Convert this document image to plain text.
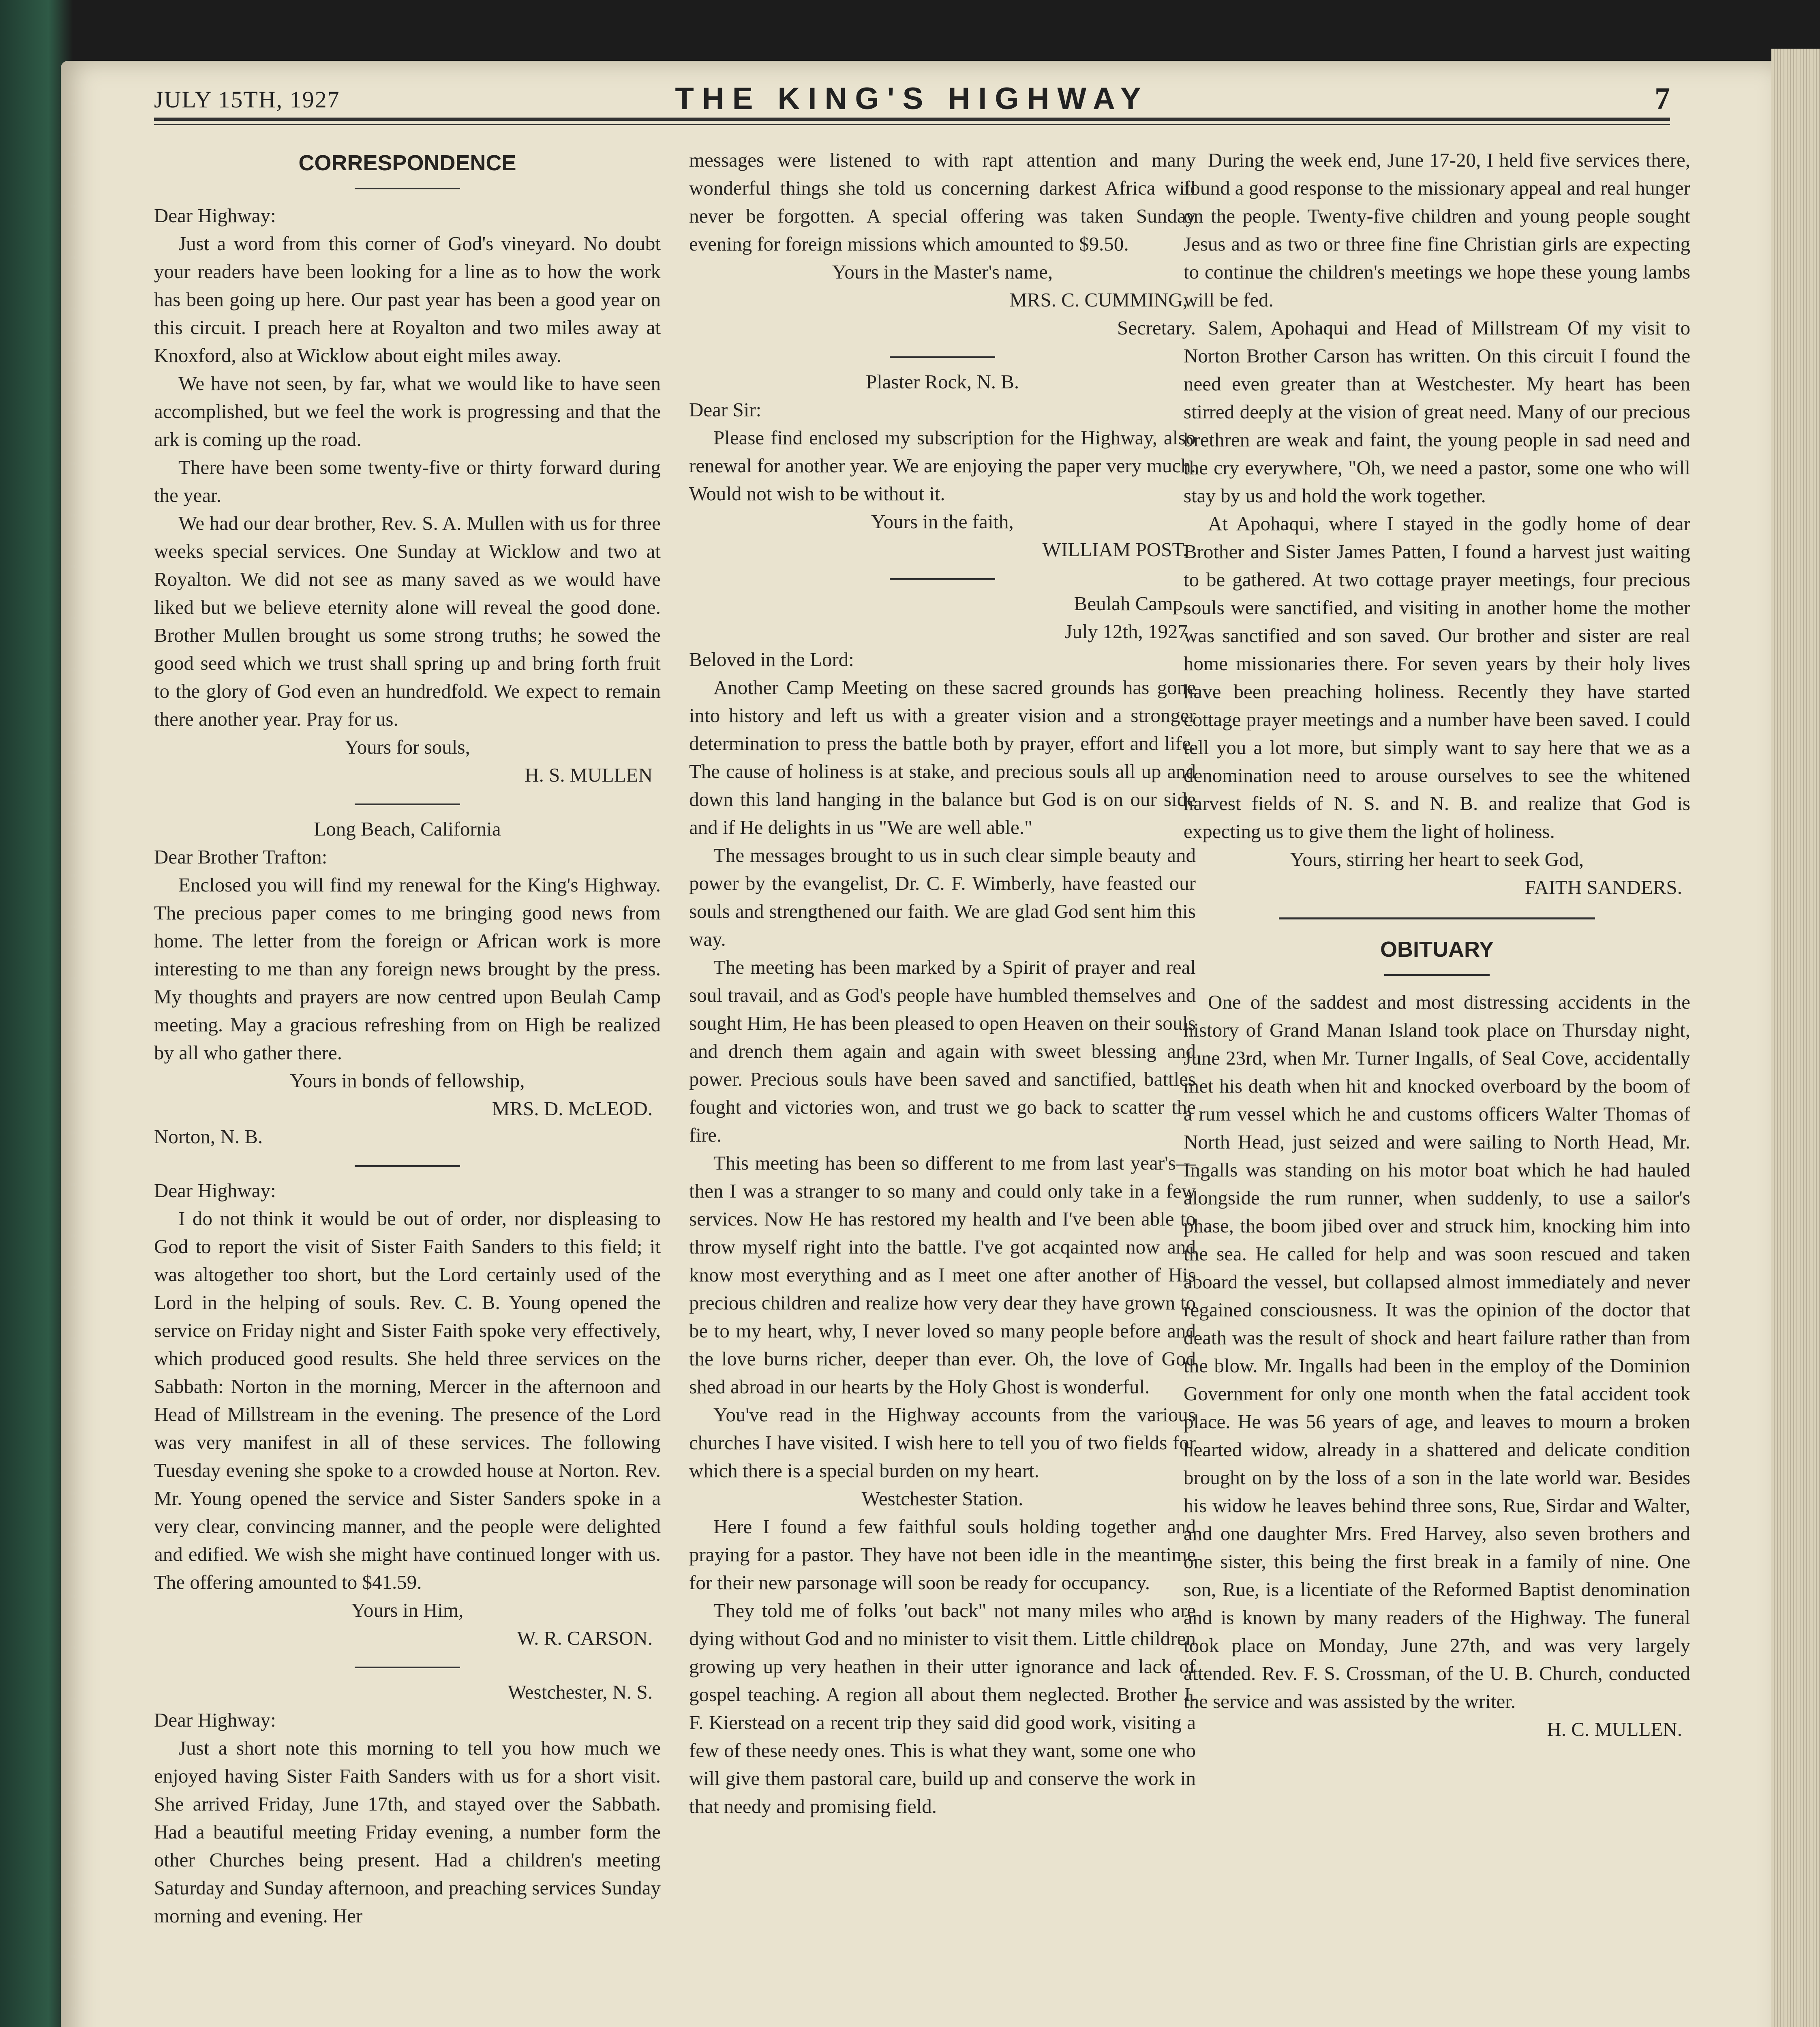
JULY 15TH, 1927	THE KING'S HIGHWAY	7
CORRESPONDENCE

Dear Highway:

Just a word from this corner of God's vineyard. No doubt your readers have been looking for a line as to how the work has been going up here. Our past year has been a good year on this circuit. I preach here at Royalton and two miles away at Knoxford, also at Wicklow about eight miles away.

We have not seen, by far, what we would like to have seen accomplished, but we feel the work is progressing and that the ark is coming up the road.

There have been some twenty-five or thirty forward during the year.

We had our dear brother, Rev. S. A. Mullen with us for three weeks special services. One Sunday at Wicklow and two at Royalton. We did not see as many saved as we would have liked but we believe eternity alone will reveal the good done. Brother Mullen brought us some strong truths; he sowed the good seed which we trust shall spring up and bring forth fruit to the glory of God even an hundredfold. We expect to remain there another year. Pray for us.

Yours for souls,

H. S. MULLEN

Long Beach, California

Dear Brother Trafton:

Enclosed you will find my renewal for the King's Highway. The precious paper comes to me bringing good news from home. The letter from the foreign or African work is more interesting to me than any foreign news brought by the press. My thoughts and prayers are now centred upon Beulah Camp meeting. May a gracious refreshing from on High be realized by all who gather there.

Yours in bonds of fellowship,

MRS. D. McLEOD.

Norton, N. B.

Dear Highway:

I do not think it would be out of order, nor displeasing to God to report the visit of Sister Faith Sanders to this field; it was altogether too short, but the Lord certainly used of the Lord in the helping of souls. Rev. C. B. Young opened the service on Friday night and Sister Faith spoke very effectively, which produced good results. She held three services on the Sabbath: Norton in the morning, Mercer in the afternoon and Head of Millstream in the evening. The presence of the Lord was very manifest in all of these services. The following Tuesday evening she spoke to a crowded house at Norton. Rev. Mr. Young opened the service and Sister Sanders spoke in a very clear, convincing manner, and the people were delighted and edified. We wish she might have continued longer with us. The offering amounted to $41.59.

Yours in Him,

W. R. CARSON.

Westchester, N. S.

Dear Highway:

Just a short note this morning to tell you how much we enjoyed having Sister Faith Sanders with us for a short visit. She arrived Friday, June 17th, and stayed over the Sabbath. Had a beautiful meeting Friday evening, a number form the other Churches being present. Had a children's meeting Saturday and Sunday afternoon, and preaching services Sunday morning and evening. Her

messages were listened to with rapt attention and many wonderful things she told us concerning darkest Africa will never be forgotten. A special offering was taken Sunday evening for foreign missions which amounted to $9.50.

Yours in the Master's name,

MRS. C. CUMMING,

Secretary.

Plaster Rock, N. B.

Dear Sir:

Please find enclosed my subscription for the Highway, also renewal for another year. We are enjoying the paper very much. Would not wish to be without it.

Yours in the faith,

WILLIAM POST.

Beulah Camp,

July 12th, 1927

Beloved in the Lord:

Another Camp Meeting on these sacred grounds has gone into history and left us with a greater vision and a stronger determination to press the battle both by prayer, effort and life. The cause of holiness is at stake, and precious souls all up and down this land hanging in the balance but God is on our side and if He delights in us "We are well able."

The messages brought to us in such clear simple beauty and power by the evangelist, Dr. C. F. Wimberly, have feasted our souls and strengthened our faith. We are glad God sent him this way.

The meeting has been marked by a Spirit of prayer and real soul travail, and as God's people have humbled themselves and sought Him, He has been pleased to open Heaven on their souls and drench them again and again with sweet blessing and power. Precious souls have been saved and sanctified, battles fought and victories won, and trust we go back to scatter the fire.

This meeting has been so different to me from last year's—then I was a stranger to so many and could only take in a few services. Now He has restored my health and I've been able to throw myself right into the battle. I've got acqainted now and know most everything and as I meet one after another of His precious children and realize how very dear they have grown to be to my heart, why, I never loved so many people before and the love burns richer, deeper than ever. Oh, the love of God shed abroad in our hearts by the Holy Ghost is wonderful.

You've read in the Highway accounts from the various churches I have visited. I wish here to tell you of two fields for which there is a special burden on my heart.

Westchester Station.

Here I found a few faithful souls holding together and praying for a pastor. They have not been idle in the meantime for their new parsonage will soon be ready for occupancy.

They told me of folks 'out back" not many miles who are dying without God and no minister to visit them. Little children growing up very heathen in their utter ignorance and lack of gospel teaching. A region all about them neglected. Brother I. F. Kierstead on a recent trip they said did good work, visiting a few of these needy ones. This is what they want, some one who will give them pastoral care, build up and conserve the work in that needy and promising field.

During the week end, June 17-20, I held five services there, found a good response to the missionary appeal and real hunger on the people. Twenty-five children and young people sought Jesus and as two or three fine fine Christian girls are expecting to continue the children's meetings we hope these young lambs will be fed.

Salem, Apohaqui and Head of Millstream Of my visit to Norton Brother Carson has written. On this circuit I found the need even greater than at Westchester. My heart has been stirred deeply at the vision of great need. Many of our precious brethren are weak and faint, the young people in sad need and the cry everywhere, "Oh, we need a pastor, some one who will stay by us and hold the work together.

At Apohaqui, where I stayed in the godly home of dear Brother and Sister James Patten, I found a harvest just waiting to be gathered. At two cottage prayer meetings, four precious souls were sanctified, and visiting in another home the mother was sanctified and son saved. Our brother and sister are real home missionaries there. For seven years by their holy lives have been preaching holiness. Recently they have started cottage prayer meetings and a number have been saved. I could tell you a lot more, but simply want to say here that we as a denomination need to arouse ourselves to see the whitened harvest fields of N. S. and N. B. and realize that God is expecting us to give them the light of holiness.

Yours, stirring her heart to seek God,

FAITH SANDERS.

OBITUARY

One of the saddest and most distressing accidents in the history of Grand Manan Island took place on Thursday night, June 23rd, when Mr. Turner Ingalls, of Seal Cove, accidentally met his death when hit and knocked overboard by the boom of a rum vessel which he and customs officers Walter Thomas of North Head, just seized and were sailing to North Head, Mr. Ingalls was standing on his motor boat which he had hauled alongside the rum runner, when suddenly, to use a sailor's phase, the boom jibed over and struck him, knocking him into the sea. He called for help and was soon rescued and taken aboard the vessel, but collapsed almost immediately and never regained consciousness. It was the opinion of the doctor that death was the result of shock and heart failure rather than from the blow. Mr. Ingalls had been in the employ of the Dominion Government for only one month when the fatal accident took place. He was 56 years of age, and leaves to mourn a broken hearted widow, already in a shattered and delicate condition brought on by the loss of a son in the late world war. Besides his widow he leaves behind three sons, Rue, Sirdar and Walter, and one daughter Mrs. Fred Harvey, also seven brothers and one sister, this being the first break in a family of nine. One son, Rue, is a licentiate of the Reformed Baptist denomination and is known by many readers of the Highway. The funeral took place on Monday, June 27th, and was very largely attended. Rev. F. S. Crossman, of the U. B. Church, conducted the service and was assisted by the writer.

H. C. MULLEN.
